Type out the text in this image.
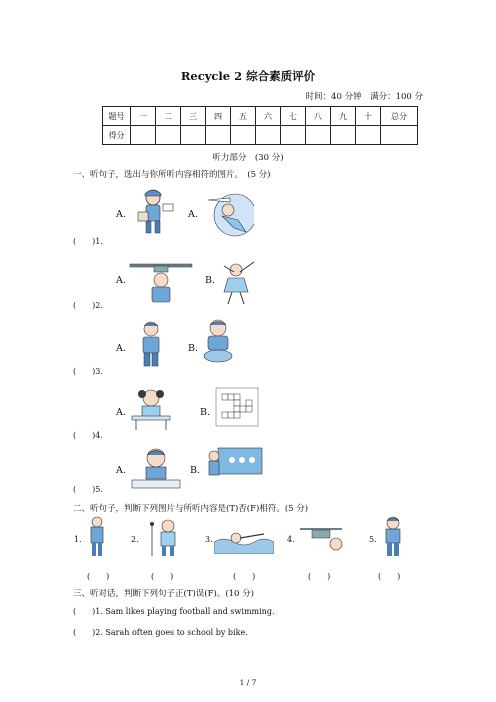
Recycle 2 综合素质评价
时间：40 分钟　满分：100 分
题号	一	二	三	四	五	六	七	八	九	十	总分
得分											
听力部分　(30 分)
一、听句子，选出与你所听内容相符的图片。　(5 分)
A.	A.
(　　)1.
A.	B.
(　　)2.
A.	B.
(　　)3.
A.	B.
(　　)4.
A.	B.
(　　)5.
二、听句子，判断下列图片与所听内容是(T)否(F)相符。(5 分)
1.	2.	3.	4.	5.
(　　)	(　　)	(　　)	(　　)	(　　)
三、听对话，判断下列句子正(T)误(F)。(10 分)
(　　)1. Sam likes playing football and swimming.
(　　)2. Sarah often goes to school by bike.
1 / 7
